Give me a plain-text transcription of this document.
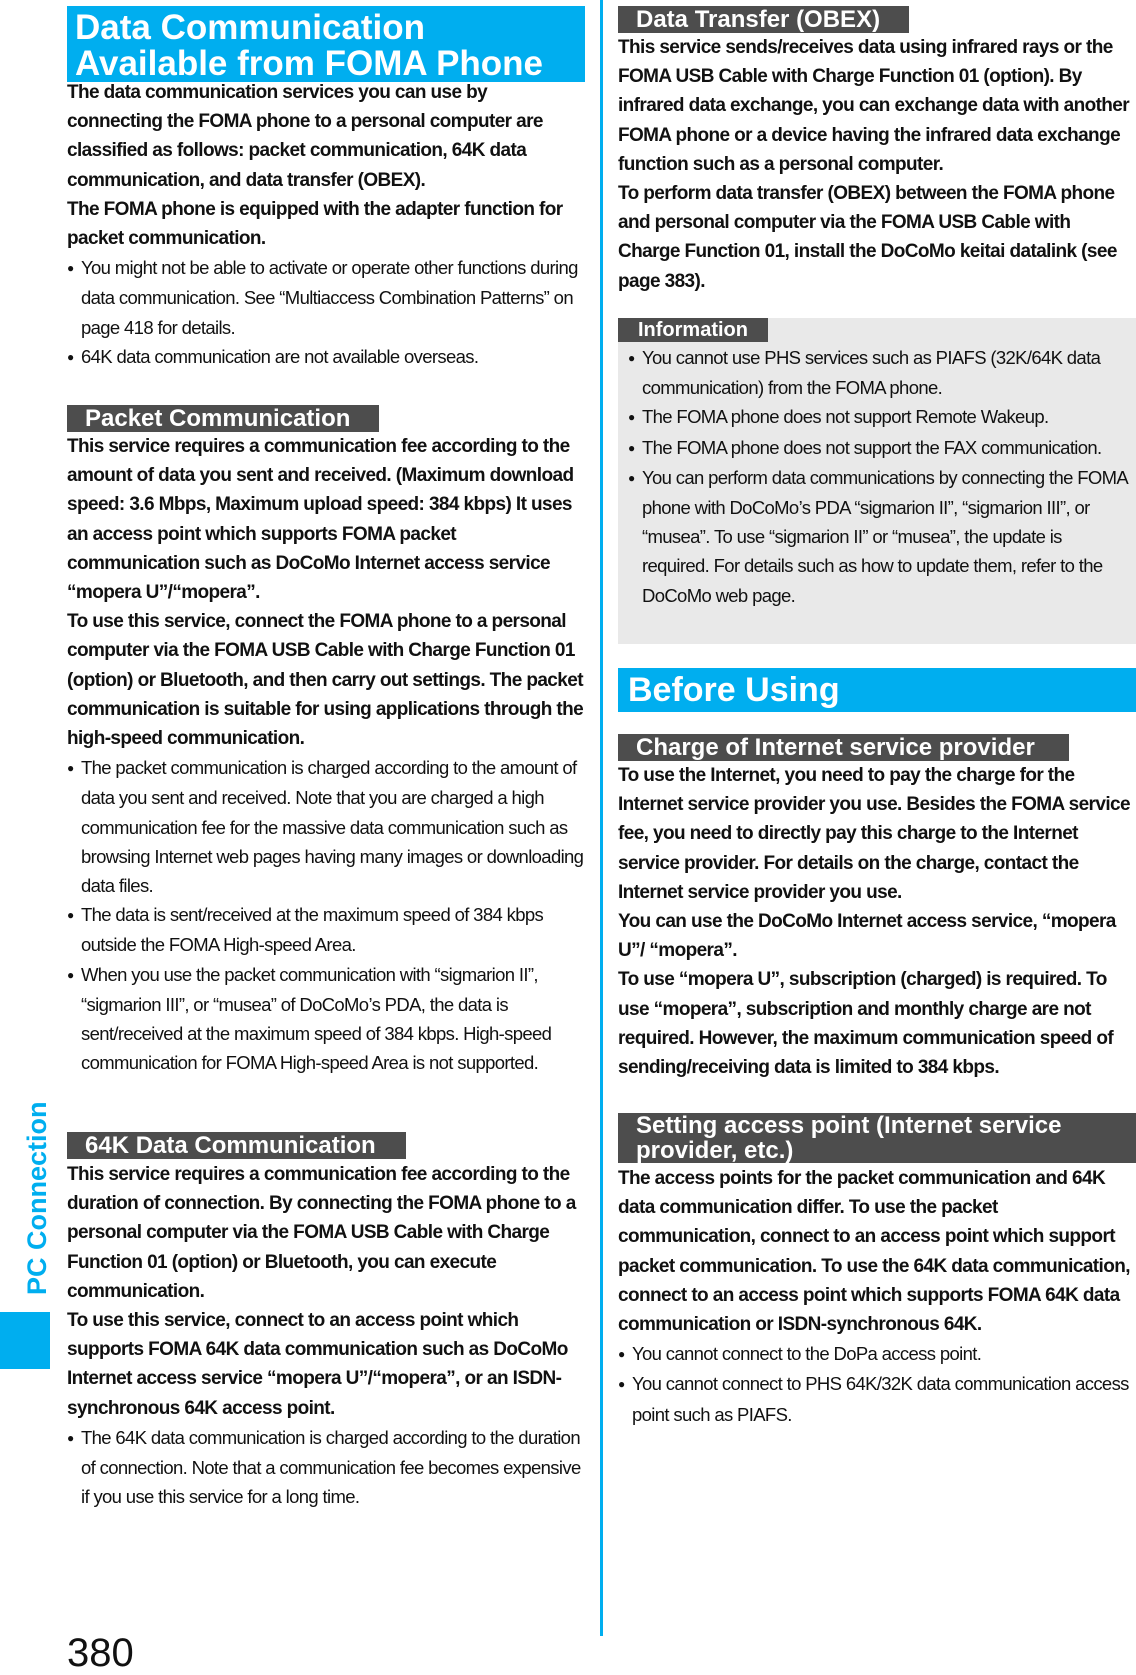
Data Communication Available from FOMA Phone

The data communication services you can use by connecting the FOMA phone to a personal computer are classified as follows: packet communication, 64K data communication, and data transfer (OBEX).

The FOMA phone is equipped with the adapter function for packet communication.

● You might not be able to activate or operate other functions during data communication. See “Multiaccess Combination Patterns” on page 418 for details.

● 64K data communication are not available overseas.

Packet Communication

This service requires a communication fee according to the amount of data you sent and received. (Maximum download speed: 3.6 Mbps, Maximum upload speed: 384 kbps) It uses an access point which supports FOMA packet communication such as DoCoMo Internet access service “mopera U”/“mopera”.

To use this service, connect the FOMA phone to a personal computer via the FOMA USB Cable with Charge Function 01 (option) or Bluetooth, and then carry out settings. The packet communication is suitable for using applications through the high-speed communication.

● The packet communication is charged according to the amount of data you sent and received. Note that you are charged a high communication fee for the massive data communication such as browsing Internet web pages having many images or downloading data files.

● The data is sent/received at the maximum speed of 384 kbps outside the FOMA High-speed Area.

● When you use the packet communication with “sigmarion II”, “sigmarion III”, or “musea” of DoCoMo’s PDA, the data is sent/received at the maximum speed of 384 kbps. High-speed communication for FOMA High-speed Area is not supported.

64K Data Communication

This service requires a communication fee according to the duration of connection. By connecting the FOMA phone to a personal computer via the FOMA USB Cable with Charge Function 01 (option) or Bluetooth, you can execute communication.

To use this service, connect to an access point which supports FOMA 64K data communication such as DoCoMo Internet access service “mopera U”/“mopera”, or an ISDN-synchronous 64K access point.

● The 64K data communication is charged according to the duration of connection. Note that a communication fee becomes expensive if you use this service for a long time.

Data Transfer (OBEX)

This service sends/receives data using infrared rays or the FOMA USB Cable with Charge Function 01 (option). By infrared data exchange, you can exchange data with another FOMA phone or a device having the infrared data exchange function such as a personal computer.

To perform data transfer (OBEX) between the FOMA phone and personal computer via the FOMA USB Cable with Charge Function 01, install the DoCoMo keitai datalink (see page 383).

Information

● You cannot use PHS services such as PIAFS (32K/64K data communication) from the FOMA phone.

● The FOMA phone does not support Remote Wakeup.

● The FOMA phone does not support the FAX communication.

● You can perform data communications by connecting the FOMA phone with DoCoMo’s PDA “sigmarion II”, “sigmarion III”, or “musea”. To use “sigmarion II” or “musea”, the update is required. For details such as how to update them, refer to the DoCoMo web page.

Before Using
Charge of Internet service provider

To use the Internet, you need to pay the charge for the Internet service provider you use. Besides the FOMA service fee, you need to directly pay this charge to the Internet service provider. For details on the charge, contact the Internet service provider you use.

You can use the DoCoMo Internet access service, “mopera U”/ “mopera”.

To use “mopera U”, subscription (charged) is required. To use “mopera”, subscription and monthly charge are not required. However, the maximum communication speed of sending/receiving data is limited to 384 kbps.

Setting access point (Internet service provider, etc.)

The access points for the packet communication and 64K data communication differ. To use the packet communication, connect to an access point which support packet communication. To use the 64K data communication, connect to an access point which supports FOMA 64K data communication or ISDN-synchronous 64K.

● You cannot connect to the DoPa access point.

● You cannot connect to PHS 64K/32K data communication access point such as PIAFS.

PC Connection
380
